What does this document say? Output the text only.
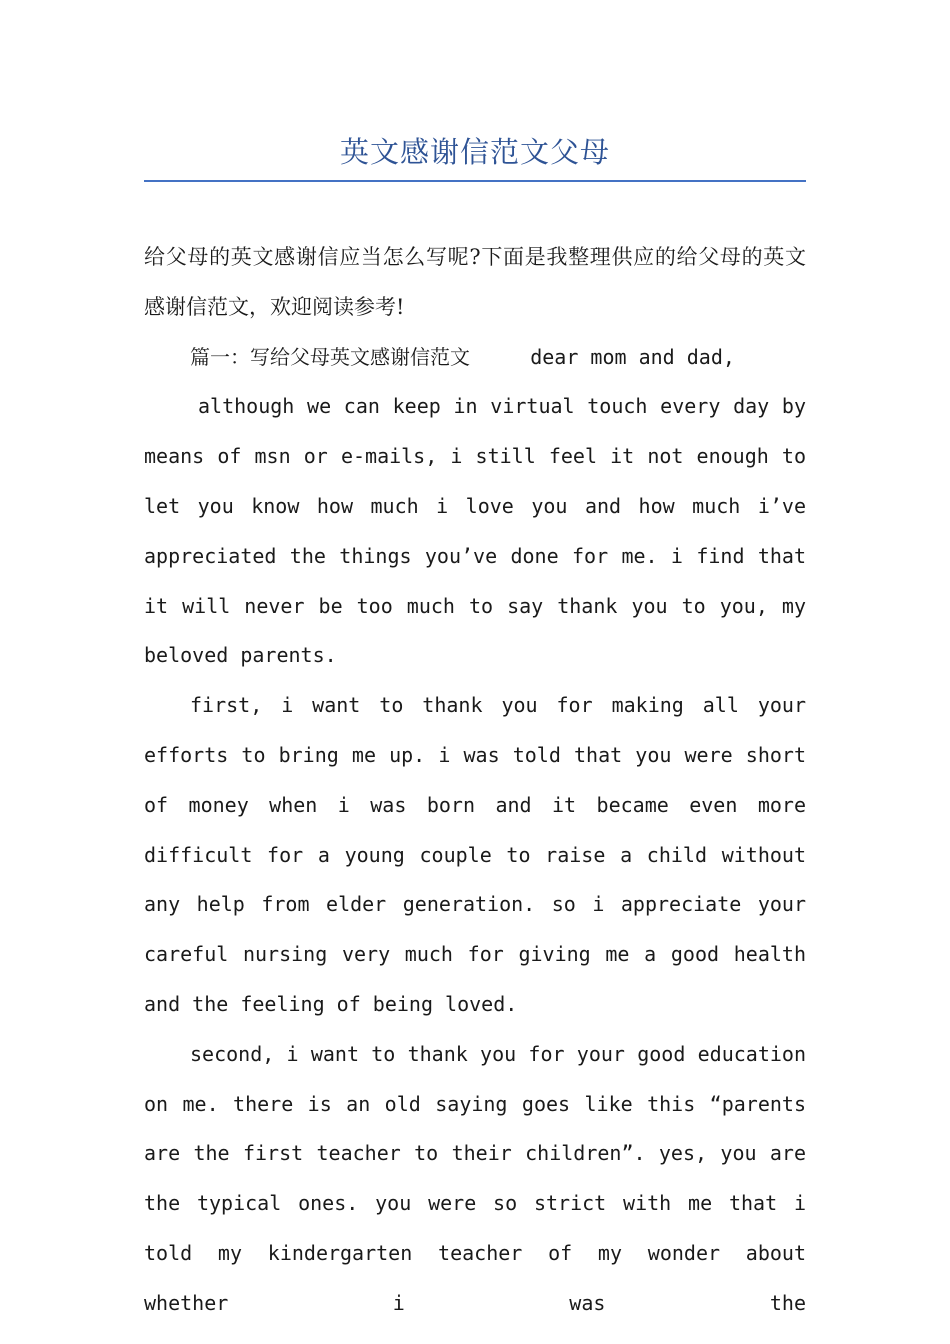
英文感谢信范文父母

给父母的英文感谢信应当怎么写呢?下面是我整理供应的给父母的英文感谢信范文，欢迎阅读参考!

篇一：写给父母英文感谢信范文	dear mom and dad,

although we can keep in virtual touch every day by means of msn or e-mails, i still feel it not enough to let you know how much i love you and how much i’ve appreciated the things you’ve done for me. i find that it will never be too much to say thank you to you, my beloved parents.

first, i want to thank you for making all your efforts to bring me up. i was told that you were short of money when i was born and it became even more difficult for a young couple to raise a child without any help from elder generation. so i appreciate your careful nursing very much for giving me a good health and the feeling of being loved.

second, i want to thank you for your good education on me. there is an old saying goes like this “parents are the first teacher to their children”. yes, you are the typical ones. you were so strict with me that i told my kindergarten teacher of my wonder about whether i was the
